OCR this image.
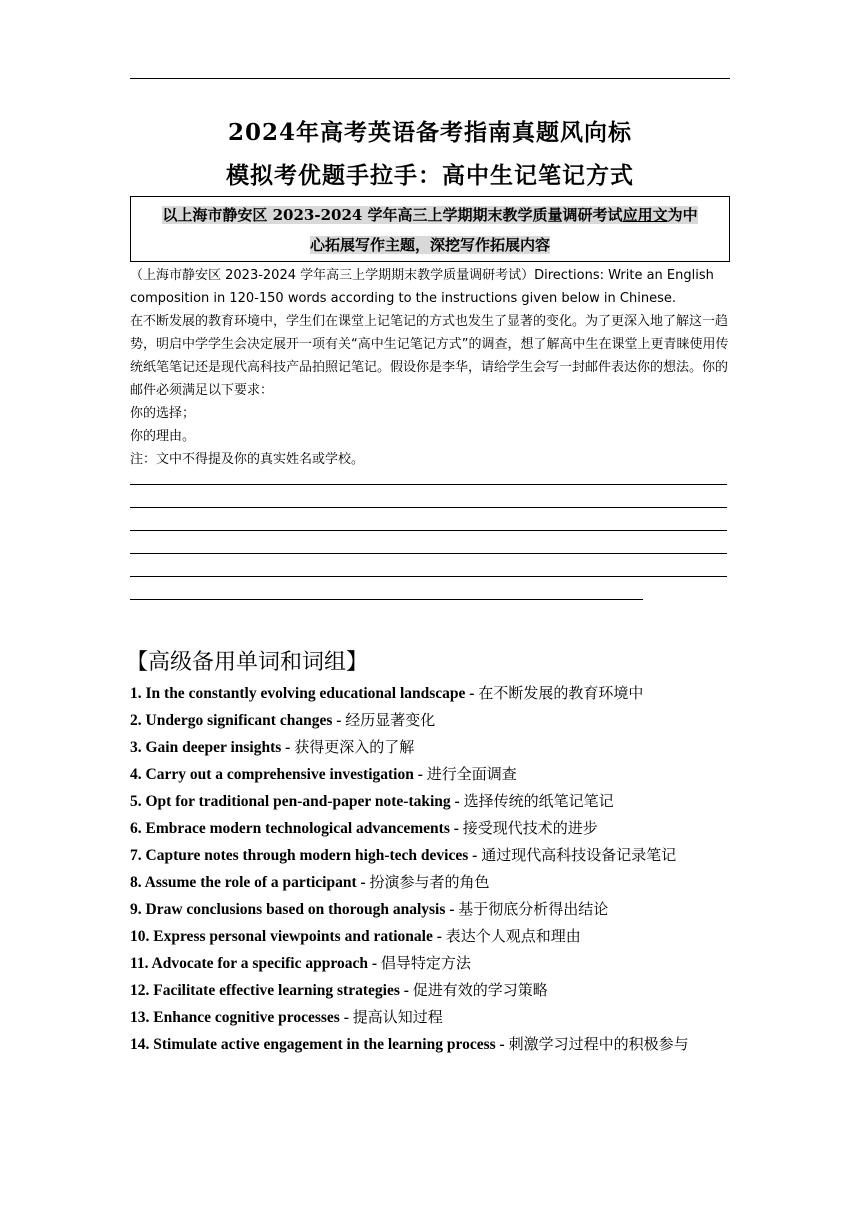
2024年高考英语备考指南真题风向标
模拟考优题手拉手：高中生记笔记方式
以上海市静安区 2023-2024 学年高三上学期期末教学质量调研考试应用文为中
心拓展写作主题，深挖写作拓展内容

（上海市静安区 2023-2024 学年高三上学期期末教学质量调研考试）Directions: Write an English composition in 120-150 words according to the instructions given below in Chinese.

在不断发展的教育环境中，学生们在课堂上记笔记的方式也发生了显著的变化。为了更深入地了解这一趋势，明启中学学生会决定展开一项有关“高中生记笔记方式”的调查，想了解高中生在课堂上更青睐使用传统纸笔笔记还是现代高科技产品拍照记笔记。假设你是李华，请给学生会写一封邮件表达你的想法。你的邮件必须满足以下要求：

你的选择；

你的理由。

注：文中不得提及你的真实姓名或学校。

【高级备用单词和词组】
1. In the constantly evolving educational landscape - 在不断发展的教育环境中
2. Undergo significant changes - 经历显著变化
3. Gain deeper insights - 获得更深入的了解
4. Carry out a comprehensive investigation - 进行全面调查
5. Opt for traditional pen-and-paper note-taking - 选择传统的纸笔记笔记
6. Embrace modern technological advancements - 接受现代技术的进步
7. Capture notes through modern high-tech devices - 通过现代高科技设备记录笔记
8. Assume the role of a participant - 扮演参与者的角色
9. Draw conclusions based on thorough analysis - 基于彻底分析得出结论
10. Express personal viewpoints and rationale - 表达个人观点和理由
11. Advocate for a specific approach - 倡导特定方法
12. Facilitate effective learning strategies - 促进有效的学习策略
13. Enhance cognitive processes - 提高认知过程
14. Stimulate active engagement in the learning process - 刺激学习过程中的积极参与
